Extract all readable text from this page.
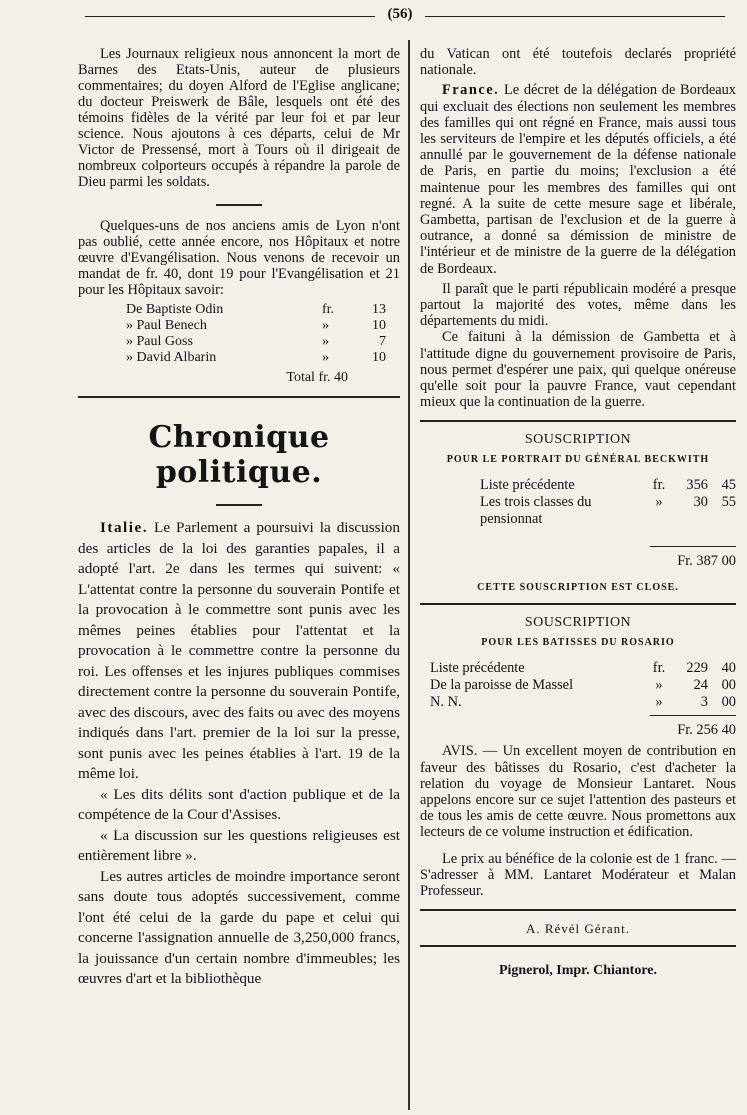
(56)

Les Journaux religieux nous annoncent la mort de Barnes des Etats-Unis, auteur de plusieurs commentaires; du doyen Alford de l'Eglise anglicane; du docteur Preiswerk de Bâle, lesquels ont été des témoins fidèles de la vérité par leur foi et par leur science. Nous ajoutons à ces départs, celui de Mr Victor de Pressensé, mort à Tours où il dirigeait de nombreux colporteurs occupés à répandre la parole de Dieu parmi les soldats.

Quelques-uns de nos anciens amis de Lyon n'ont pas oublié, cette année encore, nos Hôpitaux et notre œuvre d'Evangélisation. Nous venons de recevoir un mandat de fr. 40, dont 19 pour l'Evangélisation et 21 pour les Hôpitaux savoir:

De Baptiste Odin	fr.	13
» Paul Benech	»	10
» Paul Goss	»	7
» David Albarin	»	10
Total fr. 40
Chronique politique.

Italie. Le Parlement a poursuivi la discussion des articles de la loi des garanties papales, il a adopté l'art. 2e dans les termes qui suivent: « L'attentat contre la personne du souverain Pontife et la provocation à le commettre sont punis avec les mêmes peines établies pour l'attentat et la provocation à le commettre contre la personne du roi. Les offenses et les injures publiques commises directement contre la personne du souverain Pontife, avec des discours, avec des faits ou avec des moyens indiqués dans l'art. premier de la loi sur la presse, sont punis avec les peines établies à l'art. 19 de la même loi.

« Les dits délits sont d'action publique et de la compétence de la Cour d'Assises.

« La discussion sur les questions religieuses est entièrement libre ».

Les autres articles de moindre importance seront sans doute tous adoptés successivement, comme l'ont été celui de la garde du pape et celui qui concerne l'assignation annuelle de 3,250,000 francs, la jouissance d'un certain nombre d'immeubles; les œuvres d'art et la bibliothèque

du Vatican ont été toutefois declarés propriété nationale.

France. Le décret de la délégation de Bordeaux qui excluait des élections non seulement les membres des familles qui ont régné en France, mais aussi tous les serviteurs de l'empire et les députés officiels, a été annullé par le gouvernement de la défense nationale de Paris, en partie du moins; l'exclusion a été maintenue pour les membres des familles qui ont regné. A la suite de cette mesure sage et libérale, Gambetta, partisan de l'exclusion et de la guerre à outrance, a donné sa démission de ministre de l'intérieur et de ministre de la guerre de la délégation de Bordeaux.

Il paraît que le parti républicain modéré a presque partout la majorité des votes, même dans les départements du midi.

Ce faituni à la démission de Gambetta et à l'attitude digne du gouvernement provisoire de Paris, nous permet d'espérer une paix, qui quelque onéreuse qu'elle soit pour la pauvre France, vaut cependant mieux que la continuation de la guerre.

SOUSCRIPTION
POUR LE PORTRAIT DU GÉNÉRAL BECKWITH
Liste précédente	fr.	356 45
Les trois classes du pensionnat
»	30 55
Fr. 387 00
CETTE SOUSCRIPTION EST CLOSE.
SOUSCRIPTION
POUR LES BATISSES DU ROSARIO
Liste précédente	fr.	229 40
De la paroisse de Massel	»	24 00
N. N.	»	3 00
Fr. 256 40

AVIS. — Un excellent moyen de contribution en faveur des bâtisses du Rosario, c'est d'acheter la relation du voyage de Monsieur Lantaret. Nous appelons encore sur ce sujet l'attention des pasteurs et de tous les amis de cette œuvre. Nous promettons aux lecteurs de ce volume instruction et édification.

Le prix au bénéfice de la colonie est de 1 franc. — S'adresser à MM. Lantaret Modérateur et Malan Professeur.

A. Révél Gérant.
Pignerol, Impr. Chiantore.
